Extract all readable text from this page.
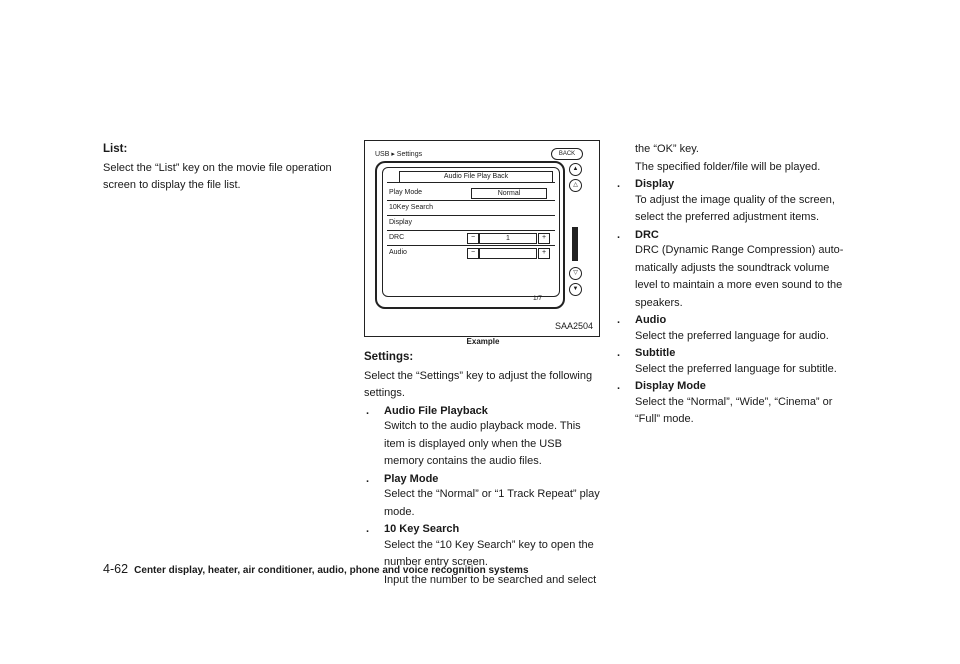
List:
Select the “List” key on the movie file operation
screen to display the file list.
USB ▸ Settings	BACK
Audio File Play Back
Play Mode	Normal
10Key Search
Display
DRC	−	1	+
Audio	−	+
1/7
▲
△
▽
▼
SAA2504
Example
Settings:
Select the “Settings” key to adjust the following
settings.
. Audio File Playback
Switch to the audio playback mode. This
item is displayed only when the USB
memory contains the audio files.
. Play Mode
Select the “Normal” or “1 Track Repeat” play
mode.
. 10 Key Search
Select the “10 Key Search” key to open the
number entry screen.
Input the number to be searched and select
the “OK” key.
The specified folder/file will be played.
. Display
To adjust the image quality of the screen,
select the preferred adjustment items.
. DRC
DRC (Dynamic Range Compression) auto-
matically adjusts the soundtrack volume
level to maintain a more even sound to the
speakers.
. Audio
Select the preferred language for audio.
. Subtitle
Select the preferred language for subtitle.
. Display Mode
Select the “Normal”, “Wide”, “Cinema” or
“Full” mode.
4-62 Center display, heater, air conditioner, audio, phone and voice recognition systems
